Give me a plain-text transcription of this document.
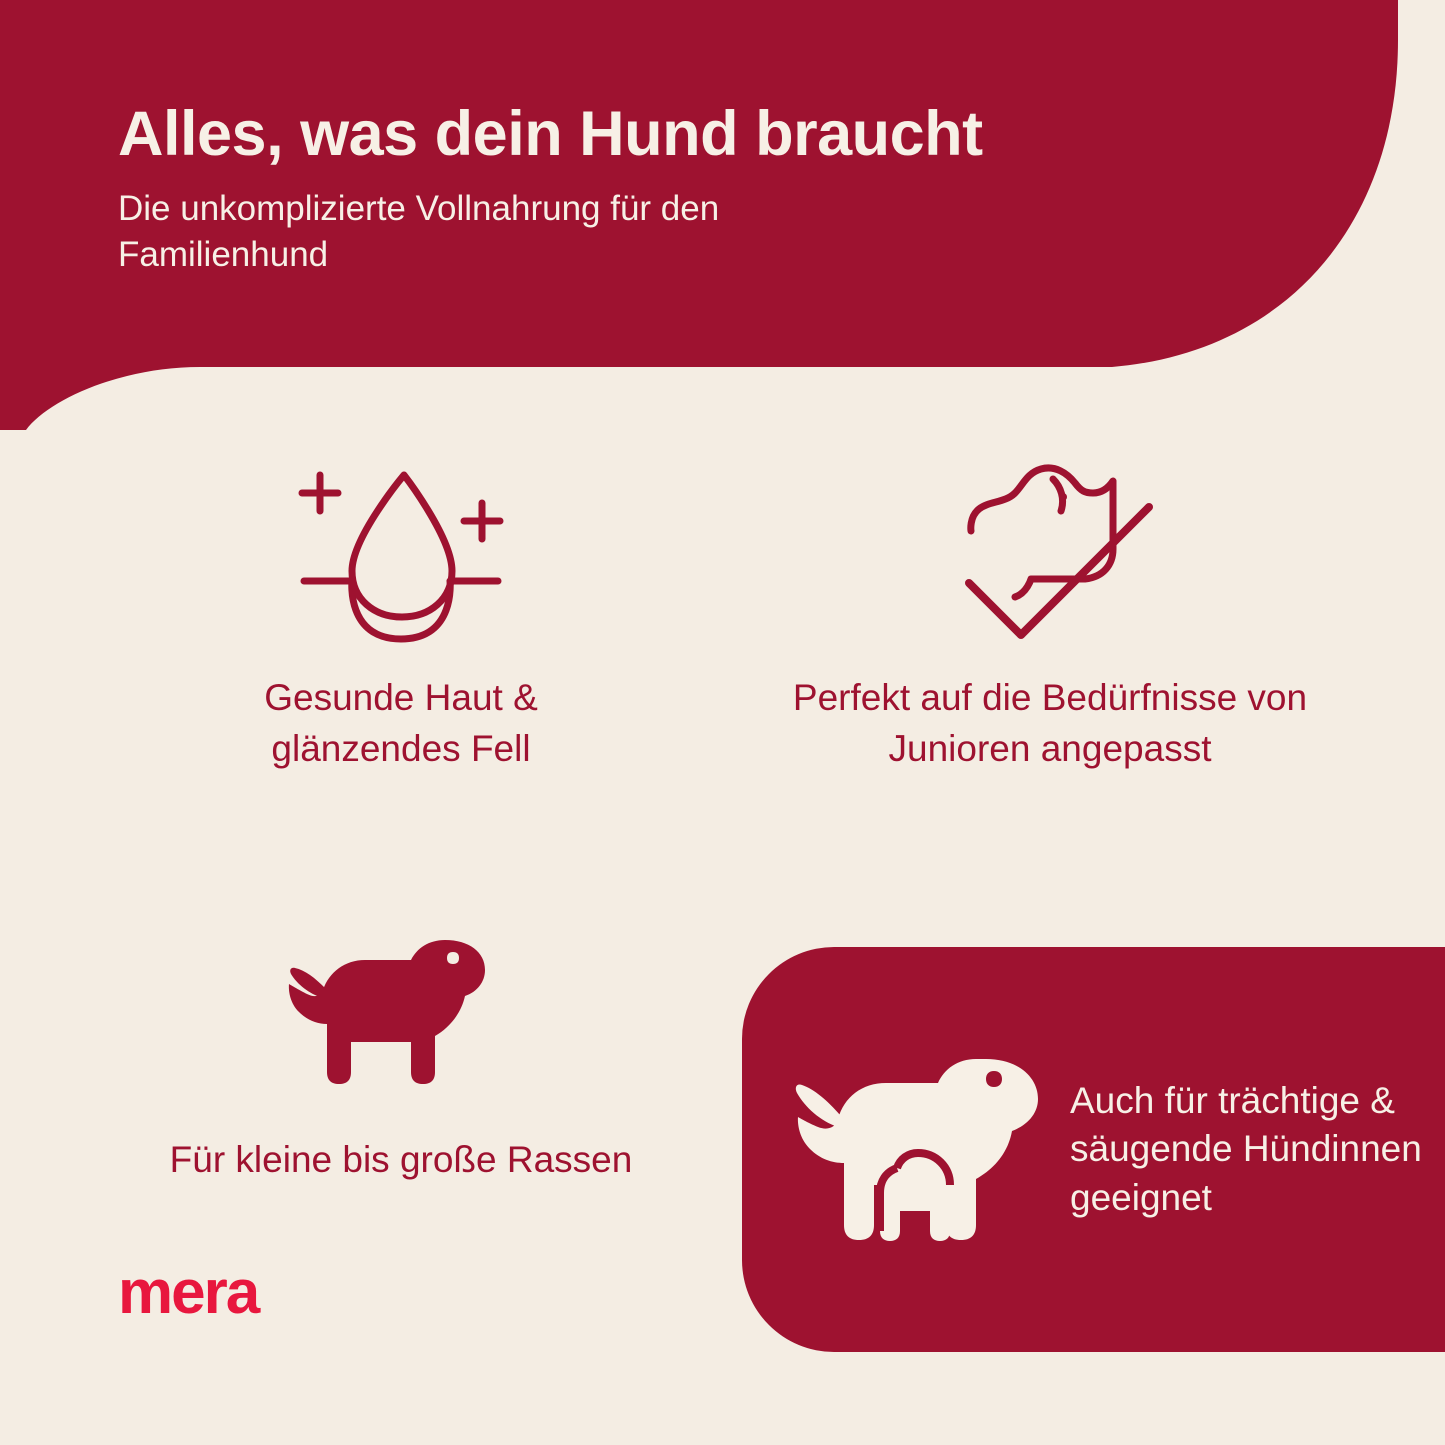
Alles, was dein Hund braucht

Die unkomplizierte Vollnahrung für den Familienhund

Gesunde Haut & glänzendes Fell
Perfekt auf die Bedürfnisse von Junioren angepasst
Für kleine bis große Rassen
Auch für trächtige & säugende Hündinnen geeignet
mera
